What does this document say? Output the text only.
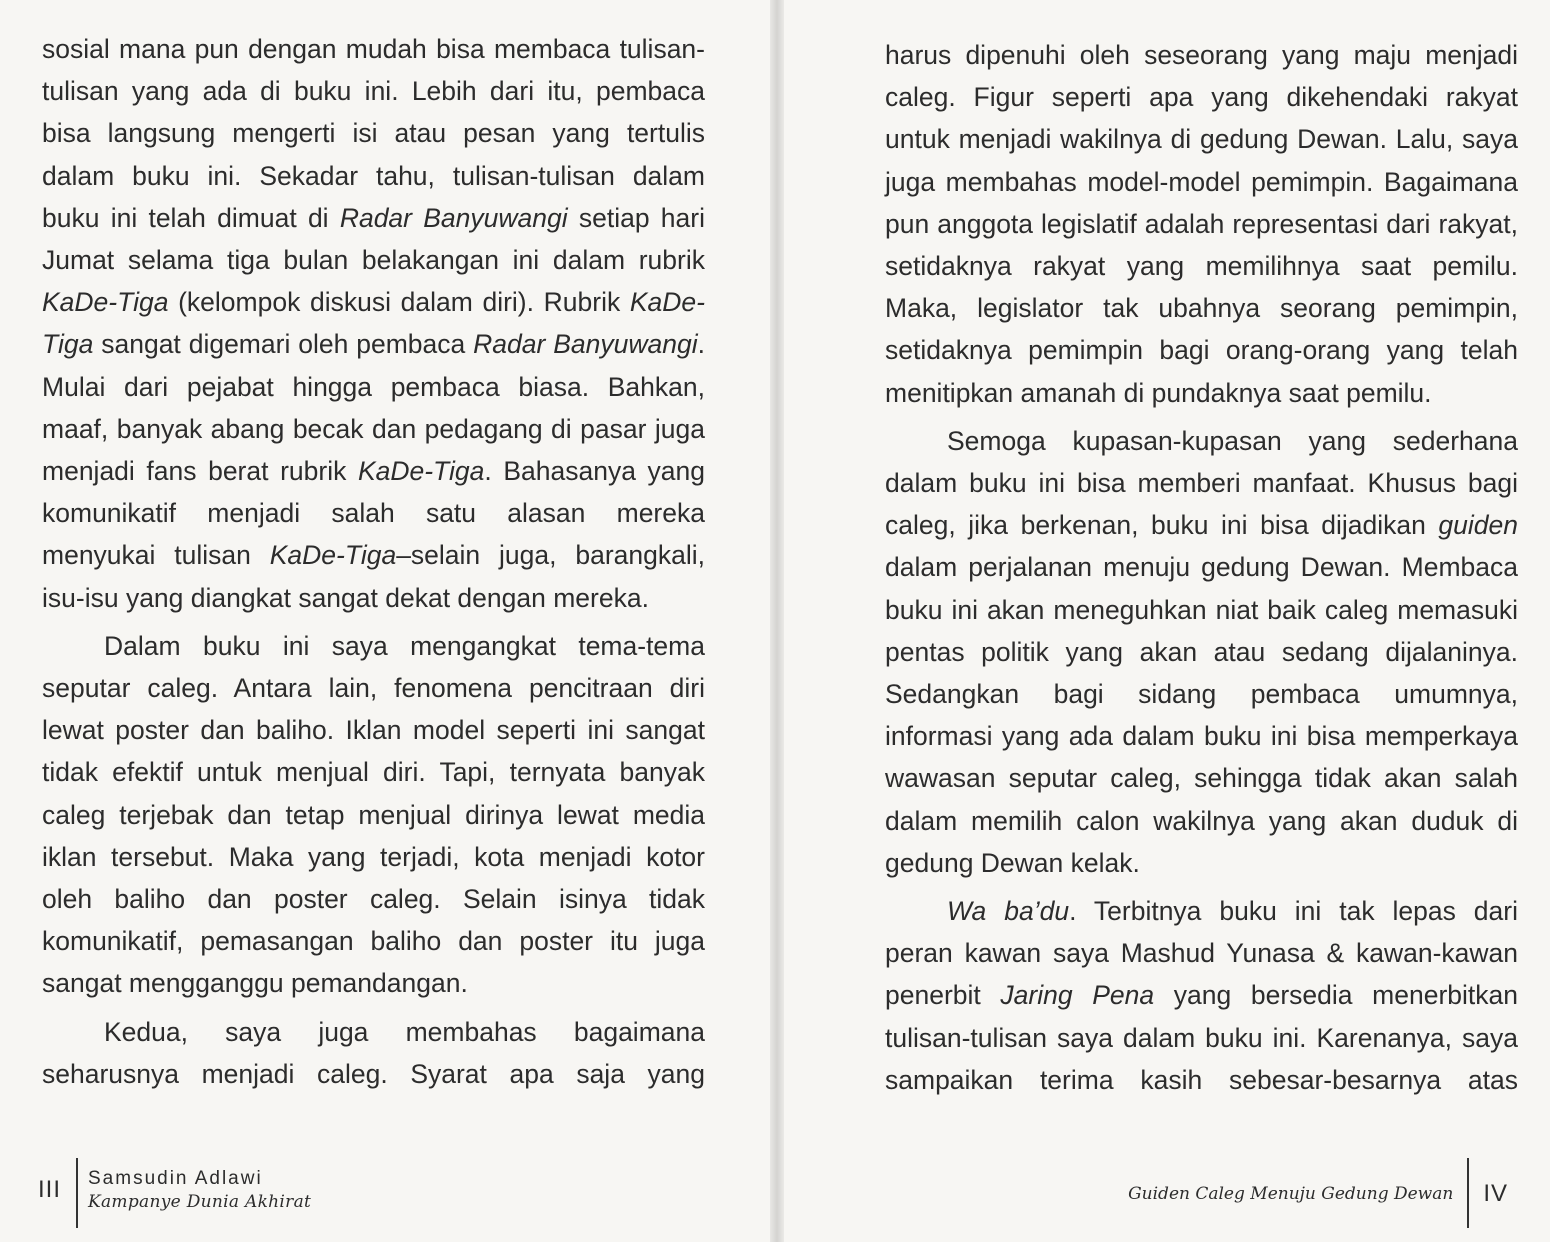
sosial mana pun dengan mudah bisa membaca tulisan-tulisan yang ada di buku ini. Lebih dari itu, pembaca bisa langsung mengerti isi atau pesan yang tertulis dalam buku ini. Sekadar tahu, tulisan-tulisan dalam buku ini telah dimuat di Radar Banyuwangi setiap hari Jumat selama tiga bulan belakangan ini dalam rubrik KaDe-Tiga (kelompok diskusi dalam diri). Rubrik KaDe-Tiga sangat digemari oleh pembaca Radar Banyuwangi. Mulai dari pejabat hingga pembaca biasa. Bahkan, maaf, banyak abang becak dan pedagang di pasar juga menjadi fans berat rubrik KaDe-Tiga. Bahasanya yang komunikatif menjadi salah satu alasan mereka menyukai tulisan KaDe-Tiga–selain juga, barangkali, isu-isu yang diangkat sangat dekat dengan mereka.

Dalam buku ini saya mengangkat tema-tema seputar caleg. Antara lain, fenomena pencitraan diri lewat poster dan baliho. Iklan model seperti ini sangat tidak efektif untuk menjual diri. Tapi, ternyata banyak caleg terjebak dan tetap menjual dirinya lewat media iklan tersebut. Maka yang terjadi, kota menjadi kotor oleh baliho dan poster caleg. Selain isinya tidak komunikatif, pemasangan baliho dan poster itu juga sangat mengganggu pemandangan.

Kedua, saya juga membahas bagaimana seharusnya menjadi caleg. Syarat apa saja yang

III	Samsudin Adlawi
Kampanye Dunia Akhirat

harus dipenuhi oleh seseorang yang maju menjadi caleg. Figur seperti apa yang dikehendaki rakyat untuk menjadi wakilnya di gedung Dewan. Lalu, saya juga membahas model-model pemimpin. Bagaimana pun anggota legislatif adalah representasi dari rakyat, setidaknya rakyat yang memilihnya saat pemilu. Maka, legislator tak ubahnya seorang pemimpin, setidaknya pemimpin bagi orang-orang yang telah menitipkan amanah di pundaknya saat pemilu.

Semoga kupasan-kupasan yang sederhana dalam buku ini bisa memberi manfaat. Khusus bagi caleg, jika berkenan, buku ini bisa dijadikan guiden dalam perjalanan menuju gedung Dewan. Membaca buku ini akan meneguhkan niat baik caleg memasuki pentas politik yang akan atau sedang dijalaninya. Sedangkan bagi sidang pembaca umumnya, informasi yang ada dalam buku ini bisa memperkaya wawasan seputar caleg, sehingga tidak akan salah dalam memilih calon wakilnya yang akan duduk di gedung Dewan kelak.

Wa ba’du. Terbitnya buku ini tak lepas dari peran kawan saya Mashud Yunasa & kawan-kawan penerbit Jaring Pena yang bersedia menerbitkan tulisan-tulisan saya dalam buku ini. Karenanya, saya sampaikan terima kasih sebesar-besarnya atas

Guiden Caleg Menuju Gedung Dewan IV
